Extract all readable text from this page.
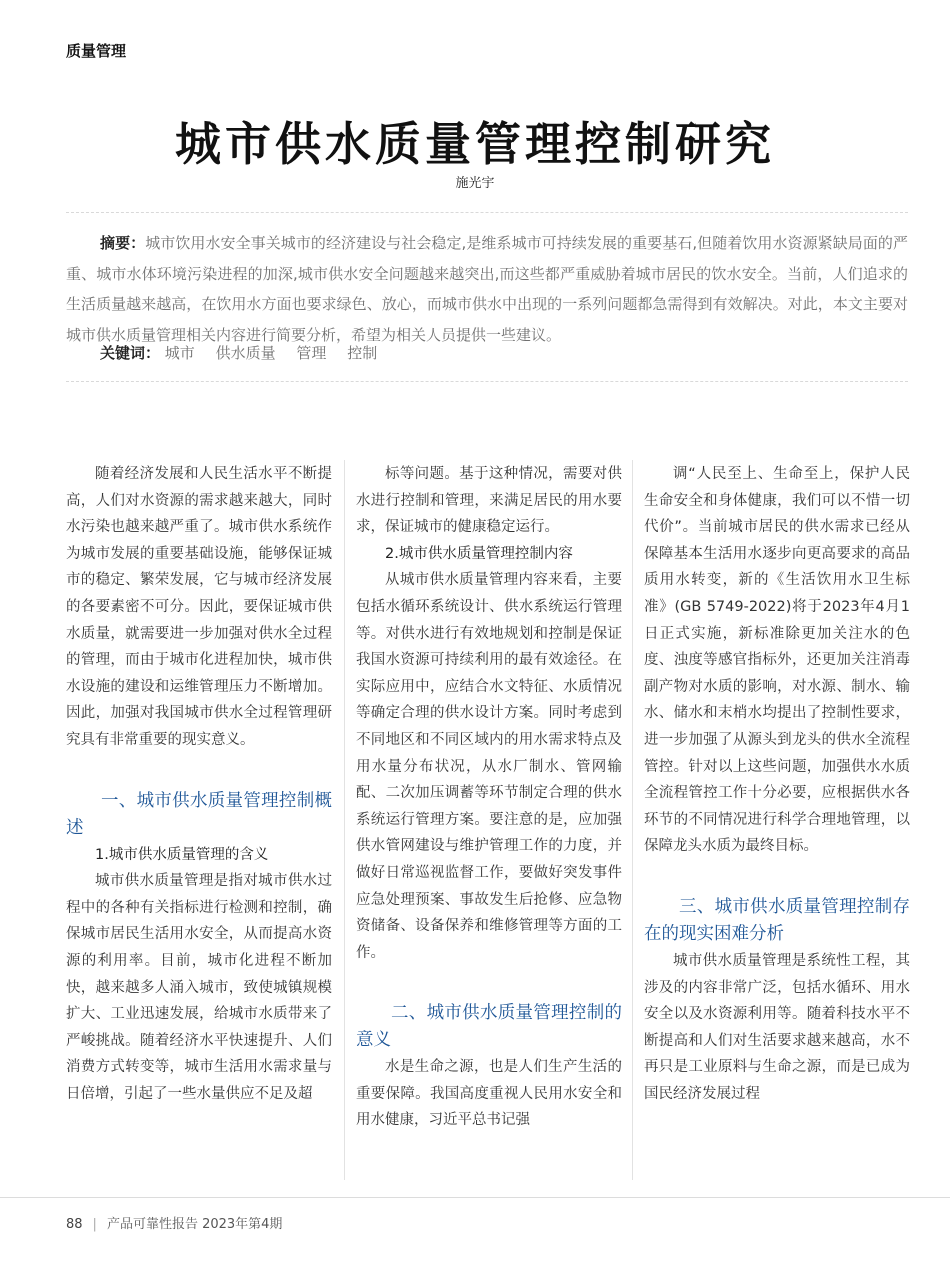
质量管理
城市供水质量管理控制研究
施光宇
摘要：城市饮用水安全事关城市的经济建设与社会稳定,是维系城市可持续发展的重要基石,但随着饮用水资源紧缺局面的严重、城市水体环境污染进程的加深,城市供水安全问题越来越突出,而这些都严重威胁着城市居民的饮水安全。当前，人们追求的生活质量越来越高，在饮用水方面也要求绿色、放心，而城市供水中出现的一系列问题都急需得到有效解决。对此，本文主要对城市供水质量管理相关内容进行简要分析，希望为相关人员提供一些建议。
关键词： 城市 供水质量 管理 控制

随着经济发展和人民生活水平不断提高，人们对水资源的需求越来越大，同时水污染也越来越严重了。城市供水系统作为城市发展的重要基础设施，能够保证城市的稳定、繁荣发展，它与城市经济发展的各要素密不可分。因此，要保证城市供水质量，就需要进一步加强对供水全过程的管理，而由于城市化进程加快，城市供水设施的建设和运维管理压力不断增加。因此，加强对我国城市供水全过程管理研究具有非常重要的现实意义。

一、城市供水质量管理控制概述
1.城市供水质量管理的含义

城市供水质量管理是指对城市供水过程中的各种有关指标进行检测和控制，确保城市居民生活用水安全，从而提高水资源的利用率。目前，城市化进程不断加快，越来越多人涌入城市，致使城镇规模扩大、工业迅速发展，给城市水质带来了严峻挑战。随着经济水平快速提升、人们消费方式转变等，城市生活用水需求量与日倍增，引起了一些水量供应不足及超

标等问题。基于这种情况，需要对供水进行控制和管理，来满足居民的用水要求，保证城市的健康稳定运行。

2.城市供水质量管理控制内容

从城市供水质量管理内容来看，主要包括水循环系统设计、供水系统运行管理等。对供水进行有效地规划和控制是保证我国水资源可持续利用的最有效途径。在实际应用中，应结合水文特征、水质情况等确定合理的供水设计方案。同时考虑到不同地区和不同区域内的用水需求特点及用水量分布状况，从水厂制水、管网输配、二次加压调蓄等环节制定合理的供水系统运行管理方案。要注意的是，应加强供水管网建设与维护管理工作的力度，并做好日常巡视监督工作，要做好突发事件应急处理预案、事故发生后抢修、应急物资储备、设备保养和维修管理等方面的工作。

二、城市供水质量管理控制的意义

水是生命之源，也是人们生产生活的重要保障。我国高度重视人民用水安全和用水健康，习近平总书记强

调“人民至上、生命至上，保护人民生命安全和身体健康，我们可以不惜一切代价”。当前城市居民的供水需求已经从保障基本生活用水逐步向更高要求的高品质用水转变，新的《生活饮用水卫生标准》(GB 5749-2022)将于2023年4月1日正式实施，新标准除更加关注水的色度、浊度等感官指标外，还更加关注消毒副产物对水质的影响，对水源、制水、输水、储水和末梢水均提出了控制性要求，进一步加强了从源头到龙头的供水全流程管控。针对以上这些问题，加强供水水质全流程管控工作十分必要，应根据供水各环节的不同情况进行科学合理地管理，以保障龙头水质为最终目标。

三、城市供水质量管理控制存在的现实困难分析

城市供水质量管理是系统性工程，其涉及的内容非常广泛，包括水循环、用水安全以及水资源利用等。随着科技水平不断提高和人们对生活要求越来越高，水不再只是工业原料与生命之源，而是已成为国民经济发展过程

88 | 产品可靠性报告 2023年第4期
